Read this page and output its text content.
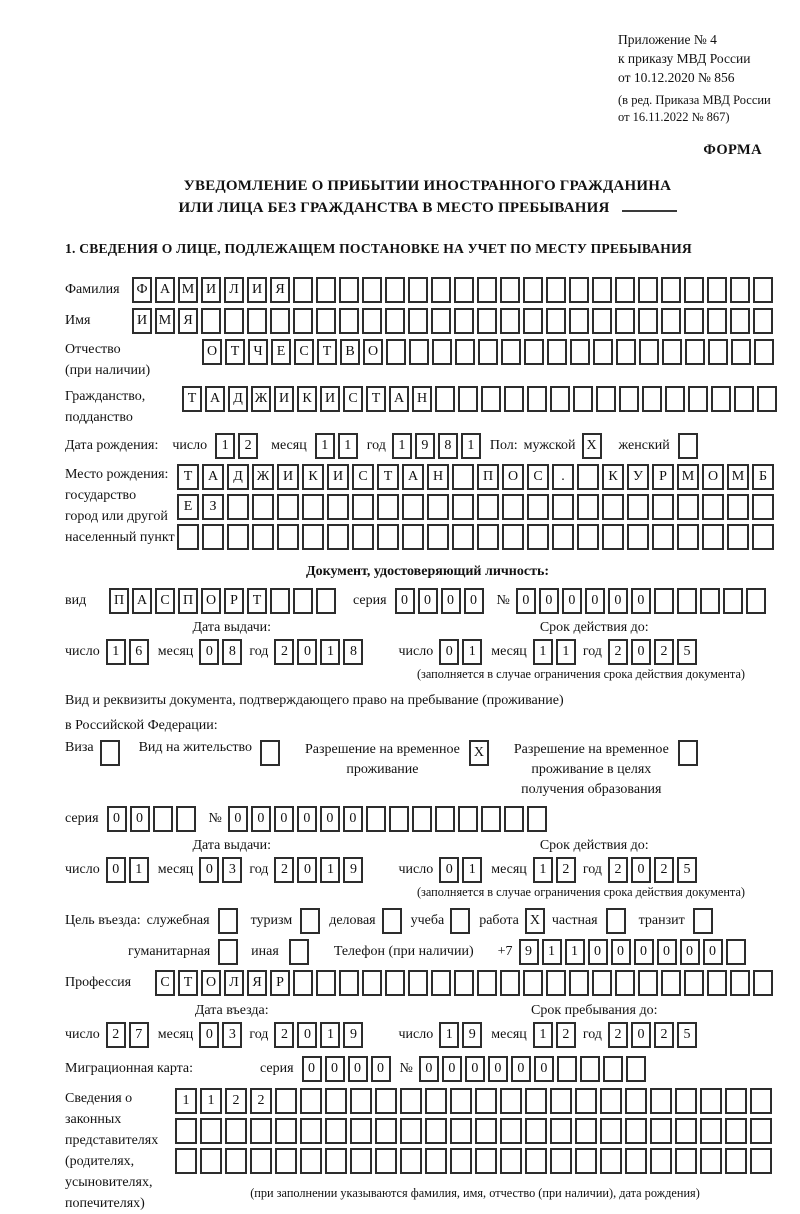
Приложение № 4
к приказу МВД России
от 10.12.2020 № 856
(в ред. Приказа МВД России
от 16.11.2022 № 867)
ФОРМА
УВЕДОМЛЕНИЕ О ПРИБЫТИИ ИНОСТРАННОГО ГРАЖДАНИНА
ИЛИ ЛИЦА БЕЗ ГРАЖДАНСТВА В МЕСТО ПРЕБЫВАНИЯ
1. СВЕДЕНИЯ О ЛИЦЕ, ПОДЛЕЖАЩЕМ ПОСТАНОВКЕ НА УЧЕТ ПО МЕСТУ ПРЕБЫВАНИЯ
Фамилия	Ф А М И Л И Я
Имя	И М Я
Отчество
(при наличии)
О Т	Ч	Е	С	Т	В О
Гражданство,
подданство
Т А Д Ж И К И С	Т А Н
Дата рождения: число	1	2	месяц	1	1	год 1	9	8	1	Пол: мужской X	женский
Место рождения:
государство
город или другой
населенный пункт
Т	А	Д Ж И	К	И	С	Т	А	Н	П	О	С	.	К	У	Р	М О М	Б
Е	З
Документ, удостоверяющий личность:
вид	П А С П О	Р	Т	серия	0	0	0	0	№ 0	0	0	0	0	0
Дата выдачи:
число 1	6	месяц 0	8 год 2	0	1	8
Срок действия до:
число 0	1	месяц 1	1 год 2	0	2	5
(заполняется в случае ограничения срока действия документа)
Вид и реквизиты документа, подтверждающего право на пребывание (проживание)
в Российской Федерации:
Виза	Вид на жительство	Разрешение на временное
проживание
X	Разрешение на временное
проживание в целях
получения образования
серия	0	0	№ 0	0	0	0	0	0
Дата выдачи:
число 0	1	месяц 0	3 год 2	0	1	9
Срок действия до:
число 0	1	месяц 1	2 год 2	0	2	5
(заполняется в случае ограничения срока действия документа)
Цель въезда: служебная	туризм	деловая	учеба	работа X частная	транзит
гуманитарная	иная	Телефон (при наличии) +7 9	1	1	0	0	0	0	0	0
Профессия	С	Т О Л Я	Р
Дата въезда:
число 2	7	месяц 0	3 год 2	0	1	9
Срок пребывания до:
число 1	9	месяц 1	2 год 2	0	2	5
Миграционная карта:	серия	0	0	0	0	№ 0	0	0	0	0	0
Сведения о
законных
представителях
(родителях,
усыновителях,
попечителях)
1	1	2	2
(при заполнении указываются фамилия, имя, отчество (при наличии), дата рождения)
